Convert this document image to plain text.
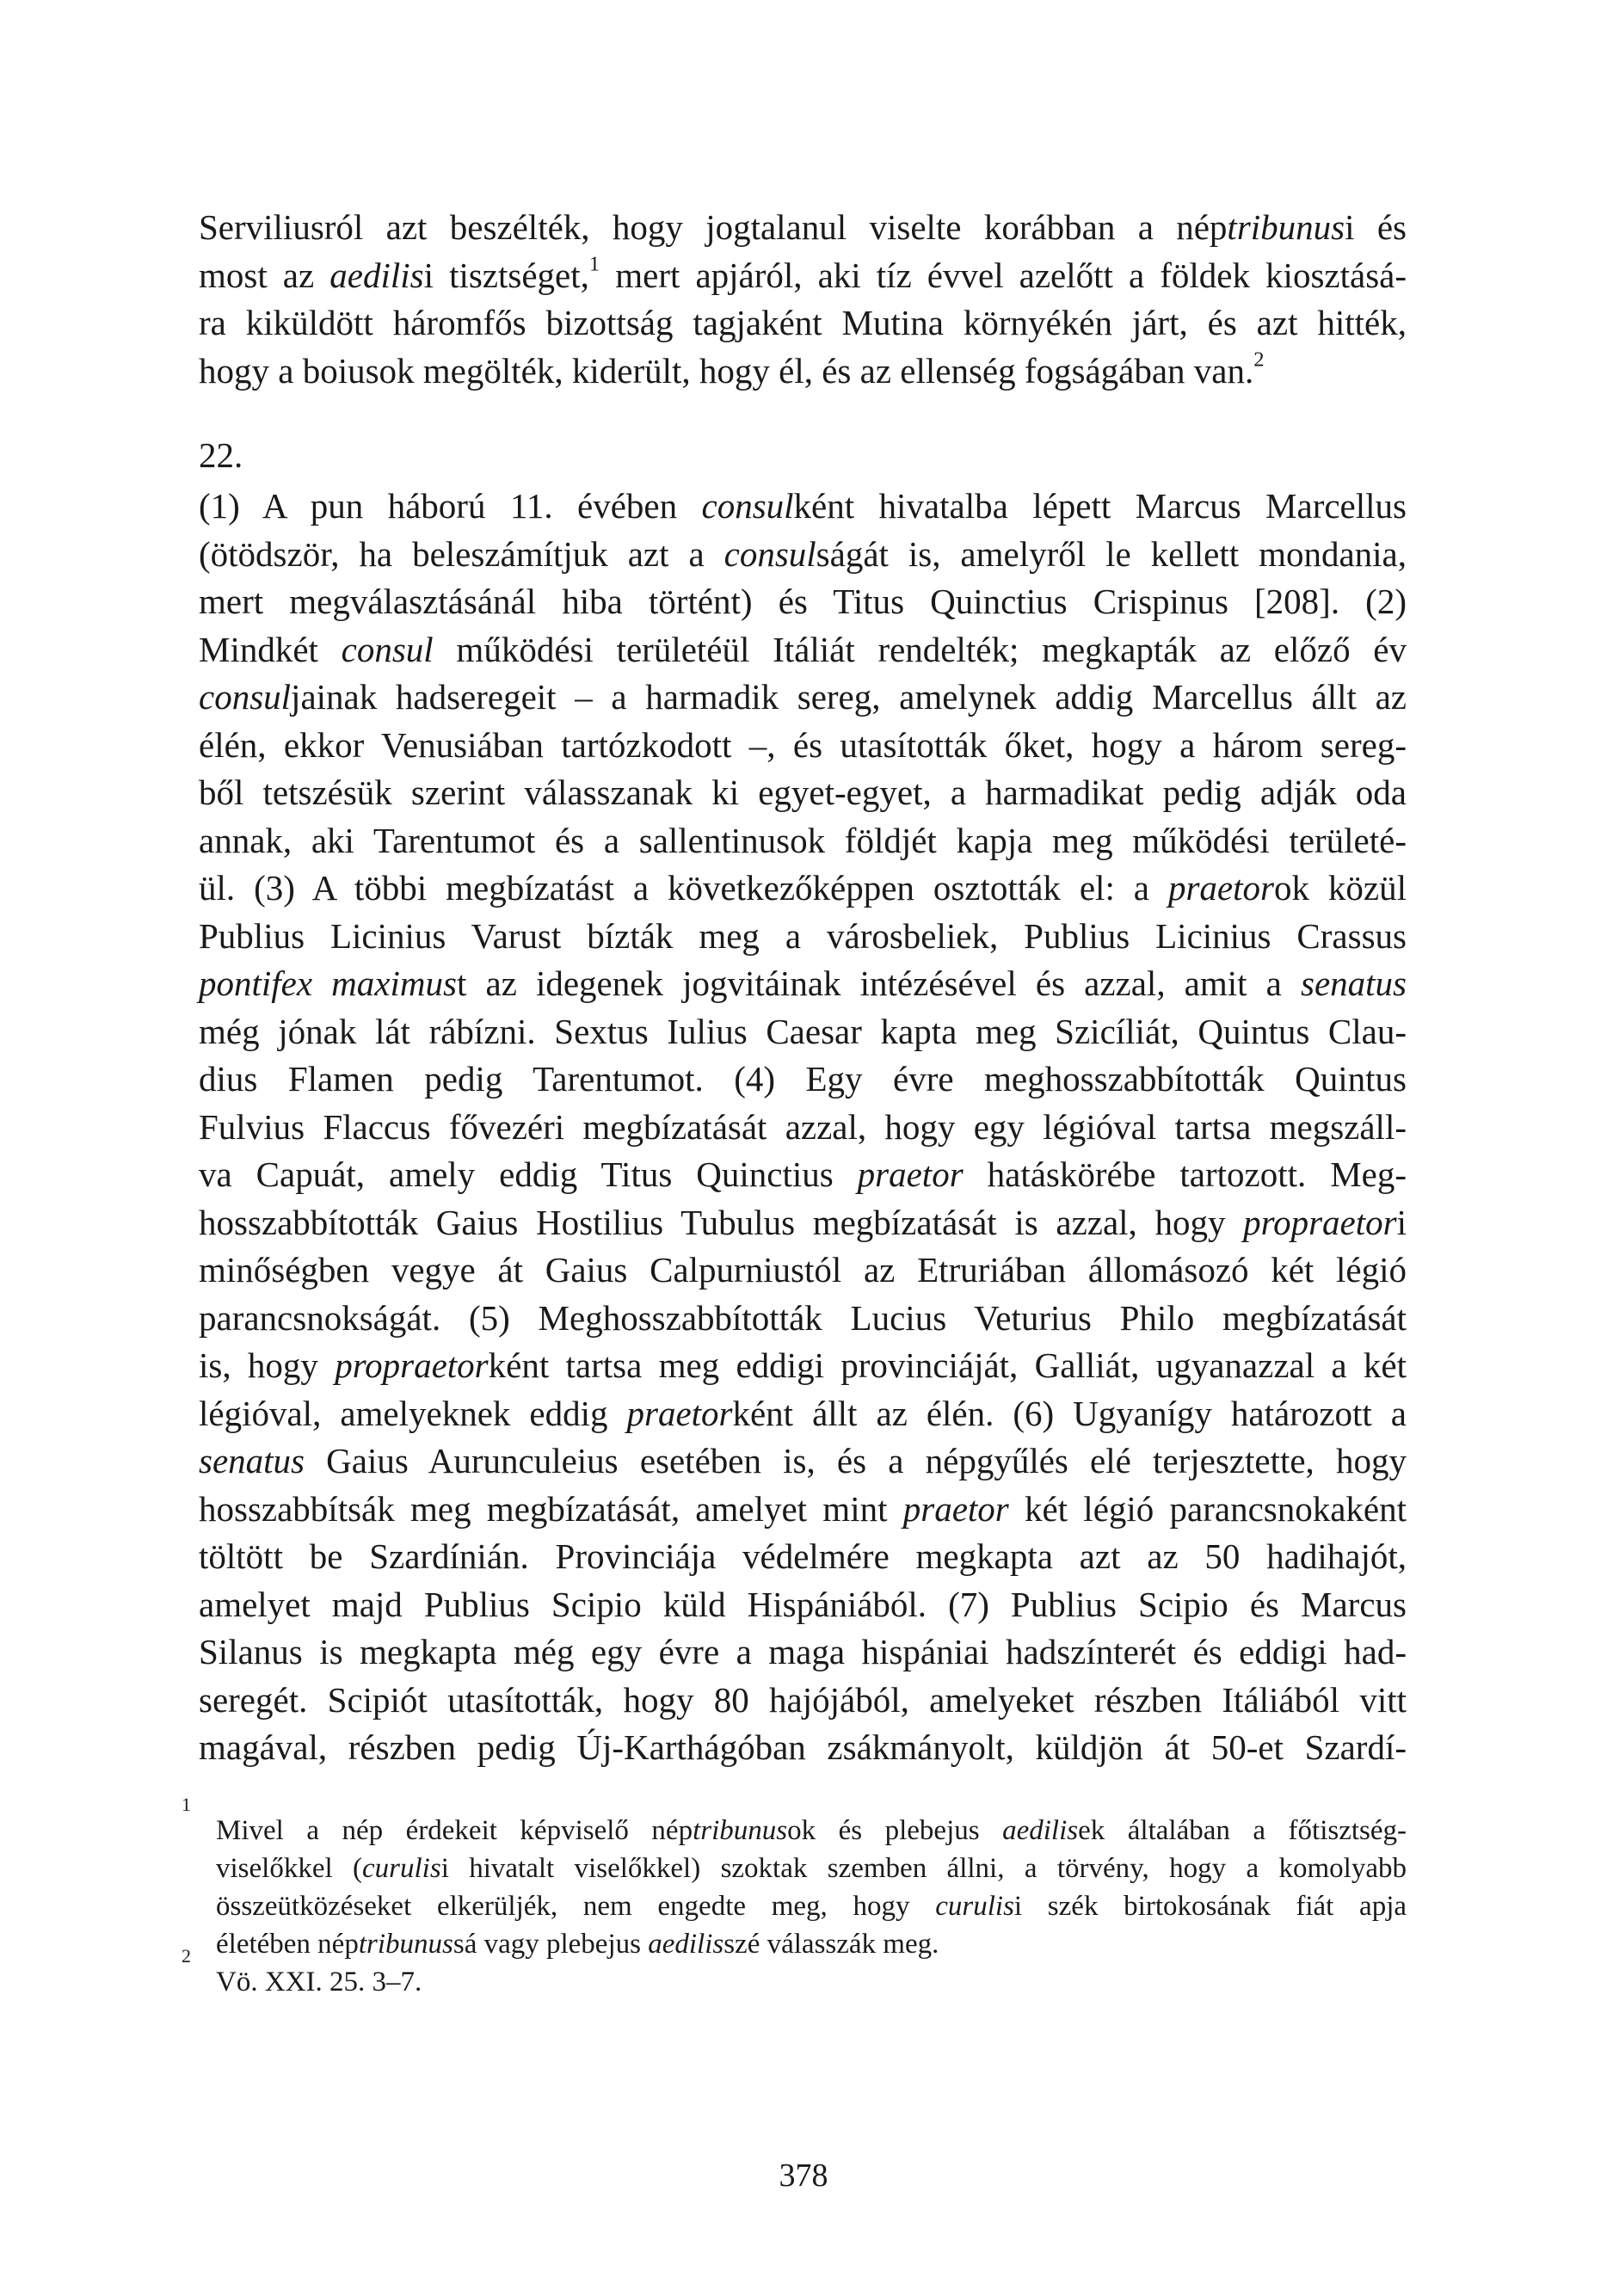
Serviliusról azt beszélték, hogy jogtalanul viselte korábban a néptribunusi és
most az aedilisi tisztséget,$^1$ mert apjáról, aki tíz évvel azelőtt a földek kiosztásá-
ra kiküldött háromfős bizottság tagjaként Mutina környékén járt, és azt hitték,
hogy a boiusok megölték, kiderült, hogy él, és az ellenség fogságában van.$^2$
22.
(1) A pun háború 11. évében consulként hivatalba lépett Marcus Marcellus
(ötödször, ha beleszámítjuk azt a consulságát is, amelyről le kellett mondania,
mert megválasztásánál hiba történt) és Titus Quinctius Crispinus [208]. (2)
Mindkét consul működési területéül Itáliát rendelték; megkapták az előző év
consuljainak hadseregeit – a harmadik sereg, amelynek addig Marcellus állt az
élén, ekkor Venusiában tartózkodott –, és utasították őket, hogy a három sereg-
ből tetszésük szerint válasszanak ki egyet-egyet, a harmadikat pedig adják oda
annak, aki Tarentumot és a sallentinusok földjét kapja meg működési területé-
ül. (3) A többi megbízatást a következőképpen osztották el: a praetorok közül
Publius Licinius Varust bízták meg a városbeliek, Publius Licinius Crassus
pontifex maximust az idegenek jogvitáinak intézésével és azzal, amit a senatus
még jónak lát rábízni. Sextus Iulius Caesar kapta meg Szicíliát, Quintus Clau-
dius Flamen pedig Tarentumot. (4) Egy évre meghosszabbították Quintus
Fulvius Flaccus fővezéri megbízatását azzal, hogy egy légióval tartsa megszáll-
va Capuát, amely eddig Titus Quinctius praetor hatáskörébe tartozott. Meg-
hosszabbították Gaius Hostilius Tubulus megbízatását is azzal, hogy propraetori
minőségben vegye át Gaius Calpurniustól az Etruriában állomásozó két légió
parancsnokságát. (5) Meghosszabbították Lucius Veturius Philo megbízatását
is, hogy propraetorként tartsa meg eddigi provinciáját, Galliát, ugyanazzal a két
légióval, amelyeknek eddig praetorként állt az élén. (6) Ugyanígy határozott a
senatus Gaius Aurunculeius esetében is, és a népgyűlés elé terjesztette, hogy
hosszabbítsák meg megbízatását, amelyet mint praetor két légió parancsnokaként
töltött be Szardínián. Provinciája védelmére megkapta azt az 50 hadihajót,
amelyet majd Publius Scipio küld Hispániából. (7) Publius Scipio és Marcus
Silanus is megkapta még egy évre a maga hispániai hadszínterét és eddigi had-
seregét. Scipiót utasították, hogy 80 hajójából, amelyeket részben Itáliából vitt
magával, részben pedig Új-Karthágóban zsákmányolt, küldjön át 50-et Szardí-
1
Mivel a nép érdekeit képviselő néptribunusok és plebejus aedilisek általában a főtisztség-
viselőkkel (curulisi hivatalt viselőkkel) szoktak szemben állni, a törvény, hogy a komolyabb
összeütközéseket elkerüljék, nem engedte meg, hogy curulisi szék birtokosának fiát apja
életében néptribunussá vagy plebejus aedilisszé válasszák meg.
2
Vö. XXI. 25. 3–7.
378
